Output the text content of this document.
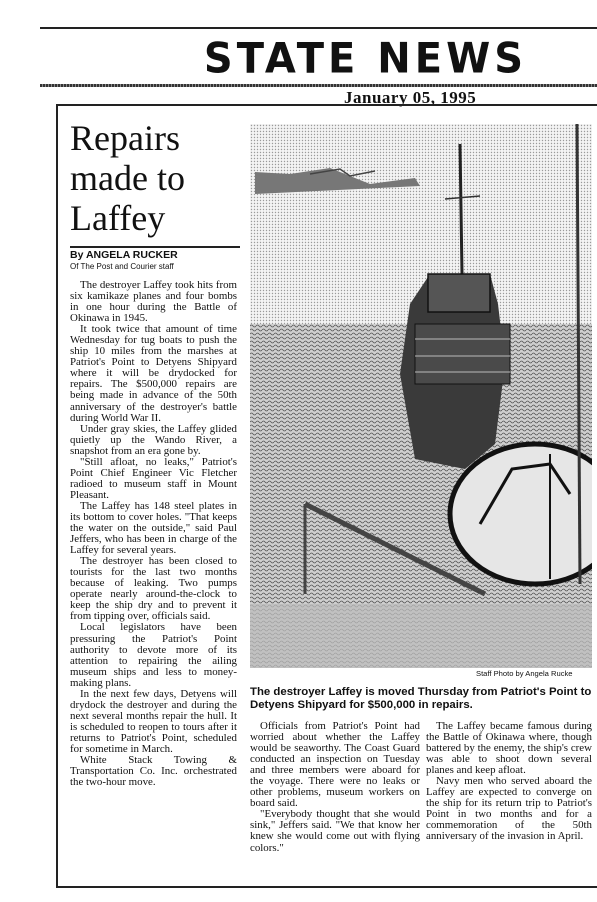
STATE NEWS
January 05, 1995
Repairs made to Laffey
By ANGELA RUCKER
Of The Post and Courier staff

The destroyer Laffey took hits from six kamikaze planes and four bombs in one hour during the Battle of Okinawa in 1945.

It took twice that amount of time Wednesday for tug boats to push the ship 10 miles from the marshes at Patriot's Point to Detyens Shipyard where it will be drydocked for repairs. The $500,000 repairs are being made in advance of the 50th anniversary of the destroyer's battle during World War II.

Under gray skies, the Laffey glided quietly up the Wando River, a snapshot from an era gone by.

"Still afloat, no leaks," Patriot's Point Chief Engineer Vic Fletcher radioed to museum staff in Mount Pleasant.

The Laffey has 148 steel plates in its bottom to cover holes. "That keeps the water on the outside," said Paul Jeffers, who has been in charge of the Laffey for several years.

The destroyer has been closed to tourists for the last two months because of leaking. Two pumps operate nearly around-the-clock to keep the ship dry and to prevent it from tipping over, officials said.

Local legislators have been pressuring the Patriot's Point authority to devote more of its attention to repairing the ailing museum ships and less to money-making plans.

In the next few days, Detyens will drydock the destroyer and during the next several months repair the hull. It is scheduled to reopen to tours after it returns to Patriot's Point, scheduled for sometime in March.

White Stack Towing & Transportation Co. Inc. orchestrated the two-hour move.

Staff Photo by Angela Rucke

The destroyer Laffey is moved Thursday from Patriot's Point to Detyens Shipyard for $500,000 in repairs.

Officials from Patriot's Point had worried about whether the Laffey would be seaworthy. The Coast Guard conducted an inspection on Tuesday and three members were aboard for the voyage. There were no leaks or other problems, museum workers on board said.

"Everybody thought that she would sink," Jeffers said. "We that know her knew she would come out with flying colors."

The Laffey became famous during the Battle of Okinawa where, though battered by the enemy, the ship's crew was able to shoot down several planes and keep afloat.

Navy men who served aboard the Laffey are expected to converge on the ship for its return trip to Patriot's Point in two months and for a commemoration of the 50th anniversary of the invasion in April.
